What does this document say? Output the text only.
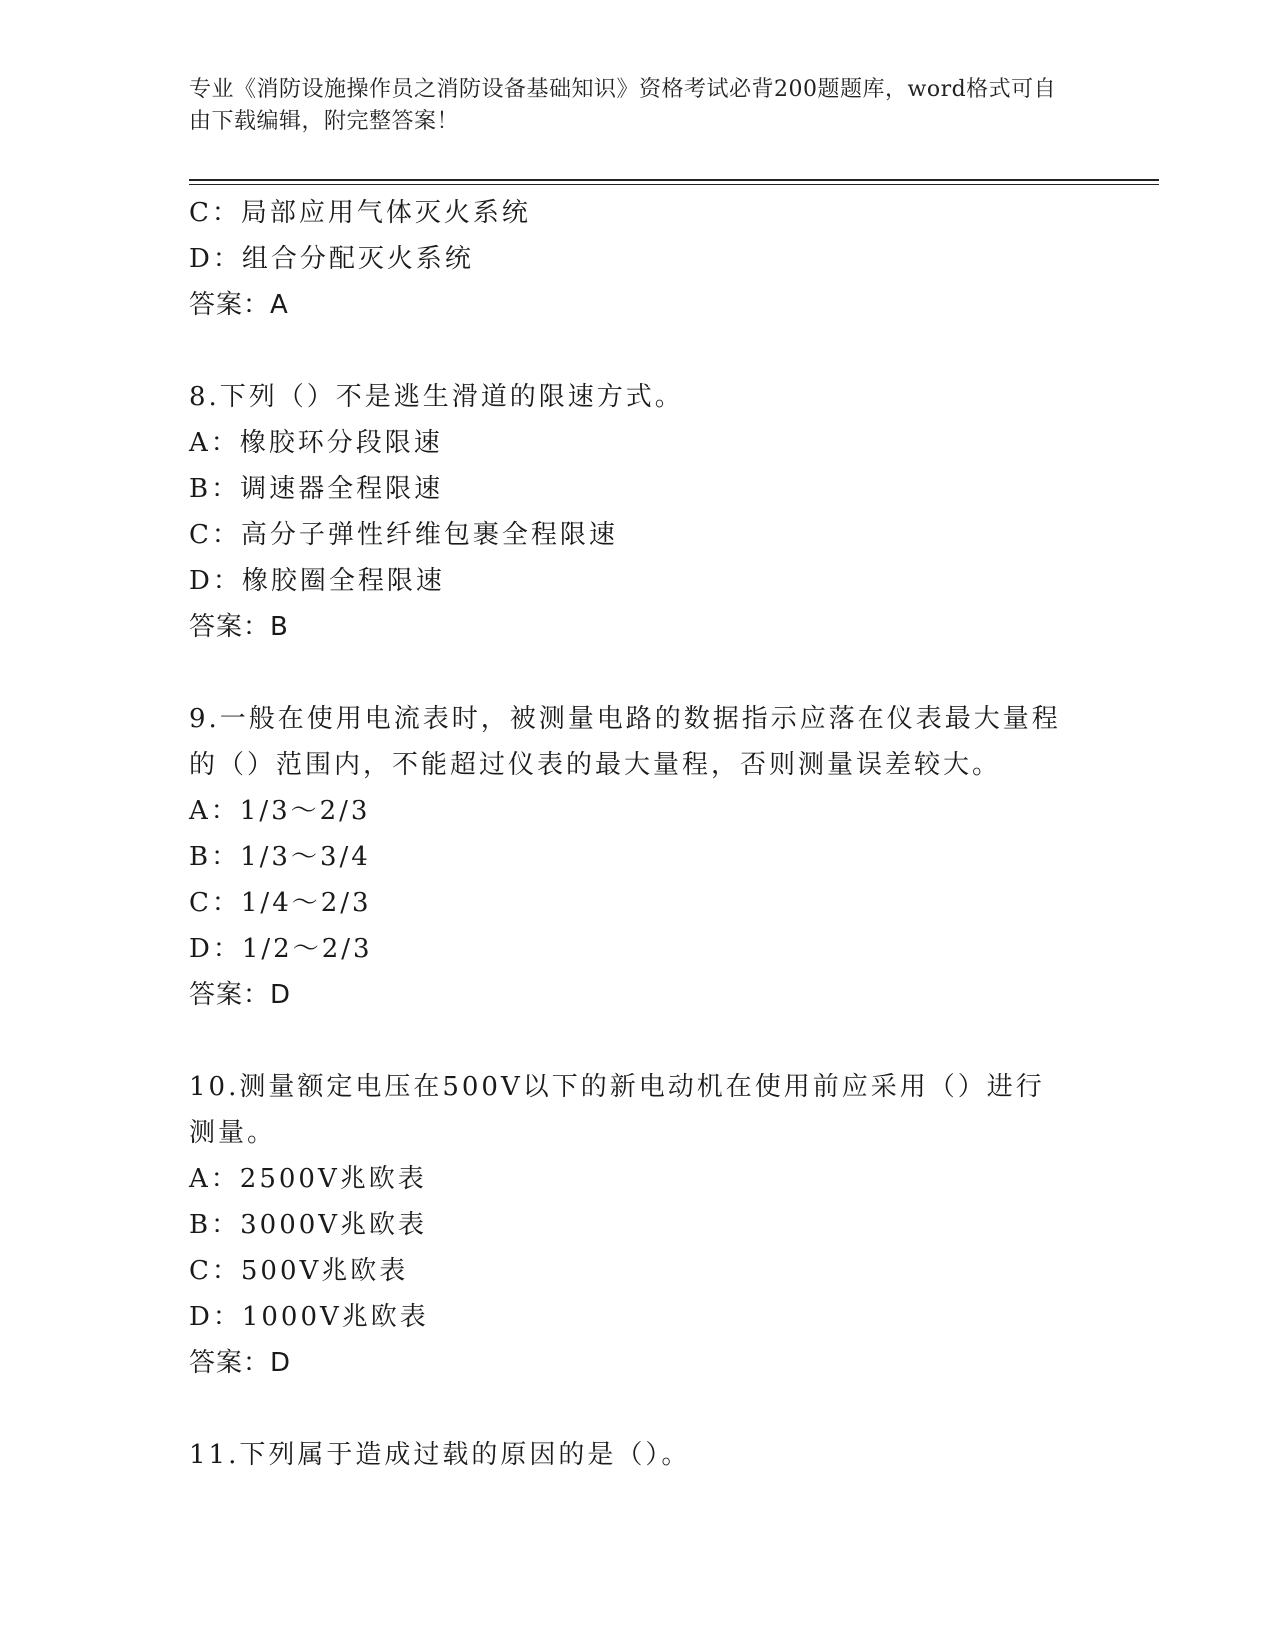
专业《消防设施操作员之消防设备基础知识》资格考试必背200题题库，word格式可自由下载编辑，附完整答案！
C：局部应用气体灭火系统
D：组合分配灭火系统
答案：A
8.下列（）不是逃生滑道的限速方式。
A：橡胶环分段限速
B：调速器全程限速
C：高分子弹性纤维包裹全程限速
D：橡胶圈全程限速
答案：B
9.一般在使用电流表时，被测量电路的数据指示应落在仪表最大量程的（）范围内，不能超过仪表的最大量程，否则测量误差较大。
A：1/3～2/3
B：1/3～3/4
C：1/4～2/3
D：1/2～2/3
答案：D
10.测量额定电压在500V以下的新电动机在使用前应采用（）进行测量。
A：2500V兆欧表
B：3000V兆欧表
C：500V兆欧表
D：1000V兆欧表
答案：D
11.下列属于造成过载的原因的是（）。
